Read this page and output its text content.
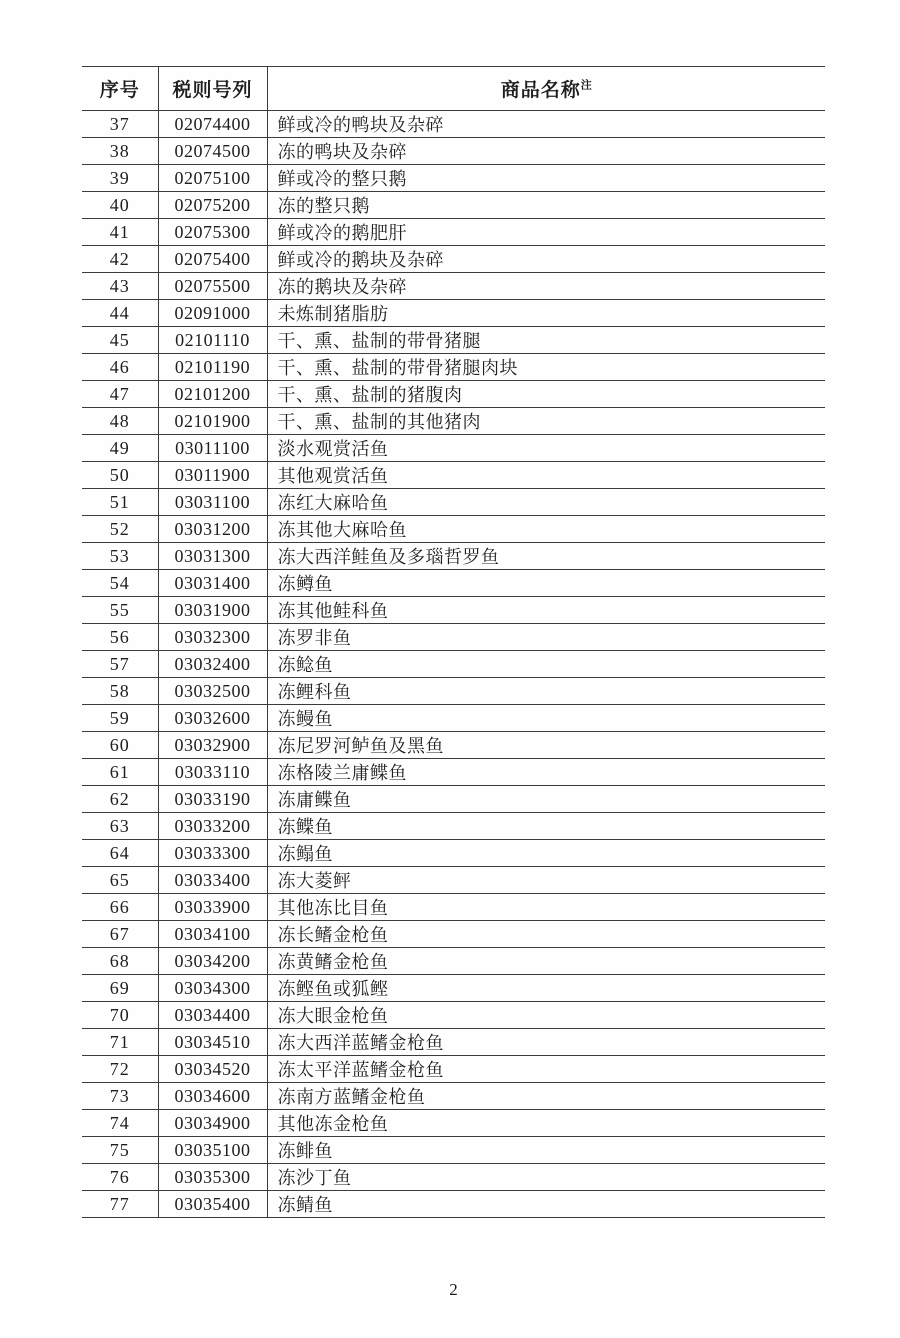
序号	税则号列	商品名称$^注$
37	02074400	鲜或冷的鸭块及杂碎
38	02074500	冻的鸭块及杂碎
39	02075100	鲜或冷的整只鹅
40	02075200	冻的整只鹅
41	02075300	鲜或冷的鹅肥肝
42	02075400	鲜或冷的鹅块及杂碎
43	02075500	冻的鹅块及杂碎
44	02091000	未炼制猪脂肪
45	02101110	干、熏、盐制的带骨猪腿
46	02101190	干、熏、盐制的带骨猪腿肉块
47	02101200	干、熏、盐制的猪腹肉
48	02101900	干、熏、盐制的其他猪肉
49	03011100	淡水观赏活鱼
50	03011900	其他观赏活鱼
51	03031100	冻红大麻哈鱼
52	03031200	冻其他大麻哈鱼
53	03031300	冻大西洋鲑鱼及多瑙哲罗鱼
54	03031400	冻鳟鱼
55	03031900	冻其他鲑科鱼
56	03032300	冻罗非鱼
57	03032400	冻鲶鱼
58	03032500	冻鲤科鱼
59	03032600	冻鳗鱼
60	03032900	冻尼罗河鲈鱼及黑鱼
61	03033110	冻格陵兰庸鲽鱼
62	03033190	冻庸鲽鱼
63	03033200	冻鲽鱼
64	03033300	冻鳎鱼
65	03033400	冻大菱鲆
66	03033900	其他冻比目鱼
67	03034100	冻长鳍金枪鱼
68	03034200	冻黄鳍金枪鱼
69	03034300	冻鲣鱼或狐鲣
70	03034400	冻大眼金枪鱼
71	03034510	冻大西洋蓝鳍金枪鱼
72	03034520	冻太平洋蓝鳍金枪鱼
73	03034600	冻南方蓝鳍金枪鱼
74	03034900	其他冻金枪鱼
75	03035100	冻鲱鱼
76	03035300	冻沙丁鱼
77	03035400	冻鲭鱼
2
